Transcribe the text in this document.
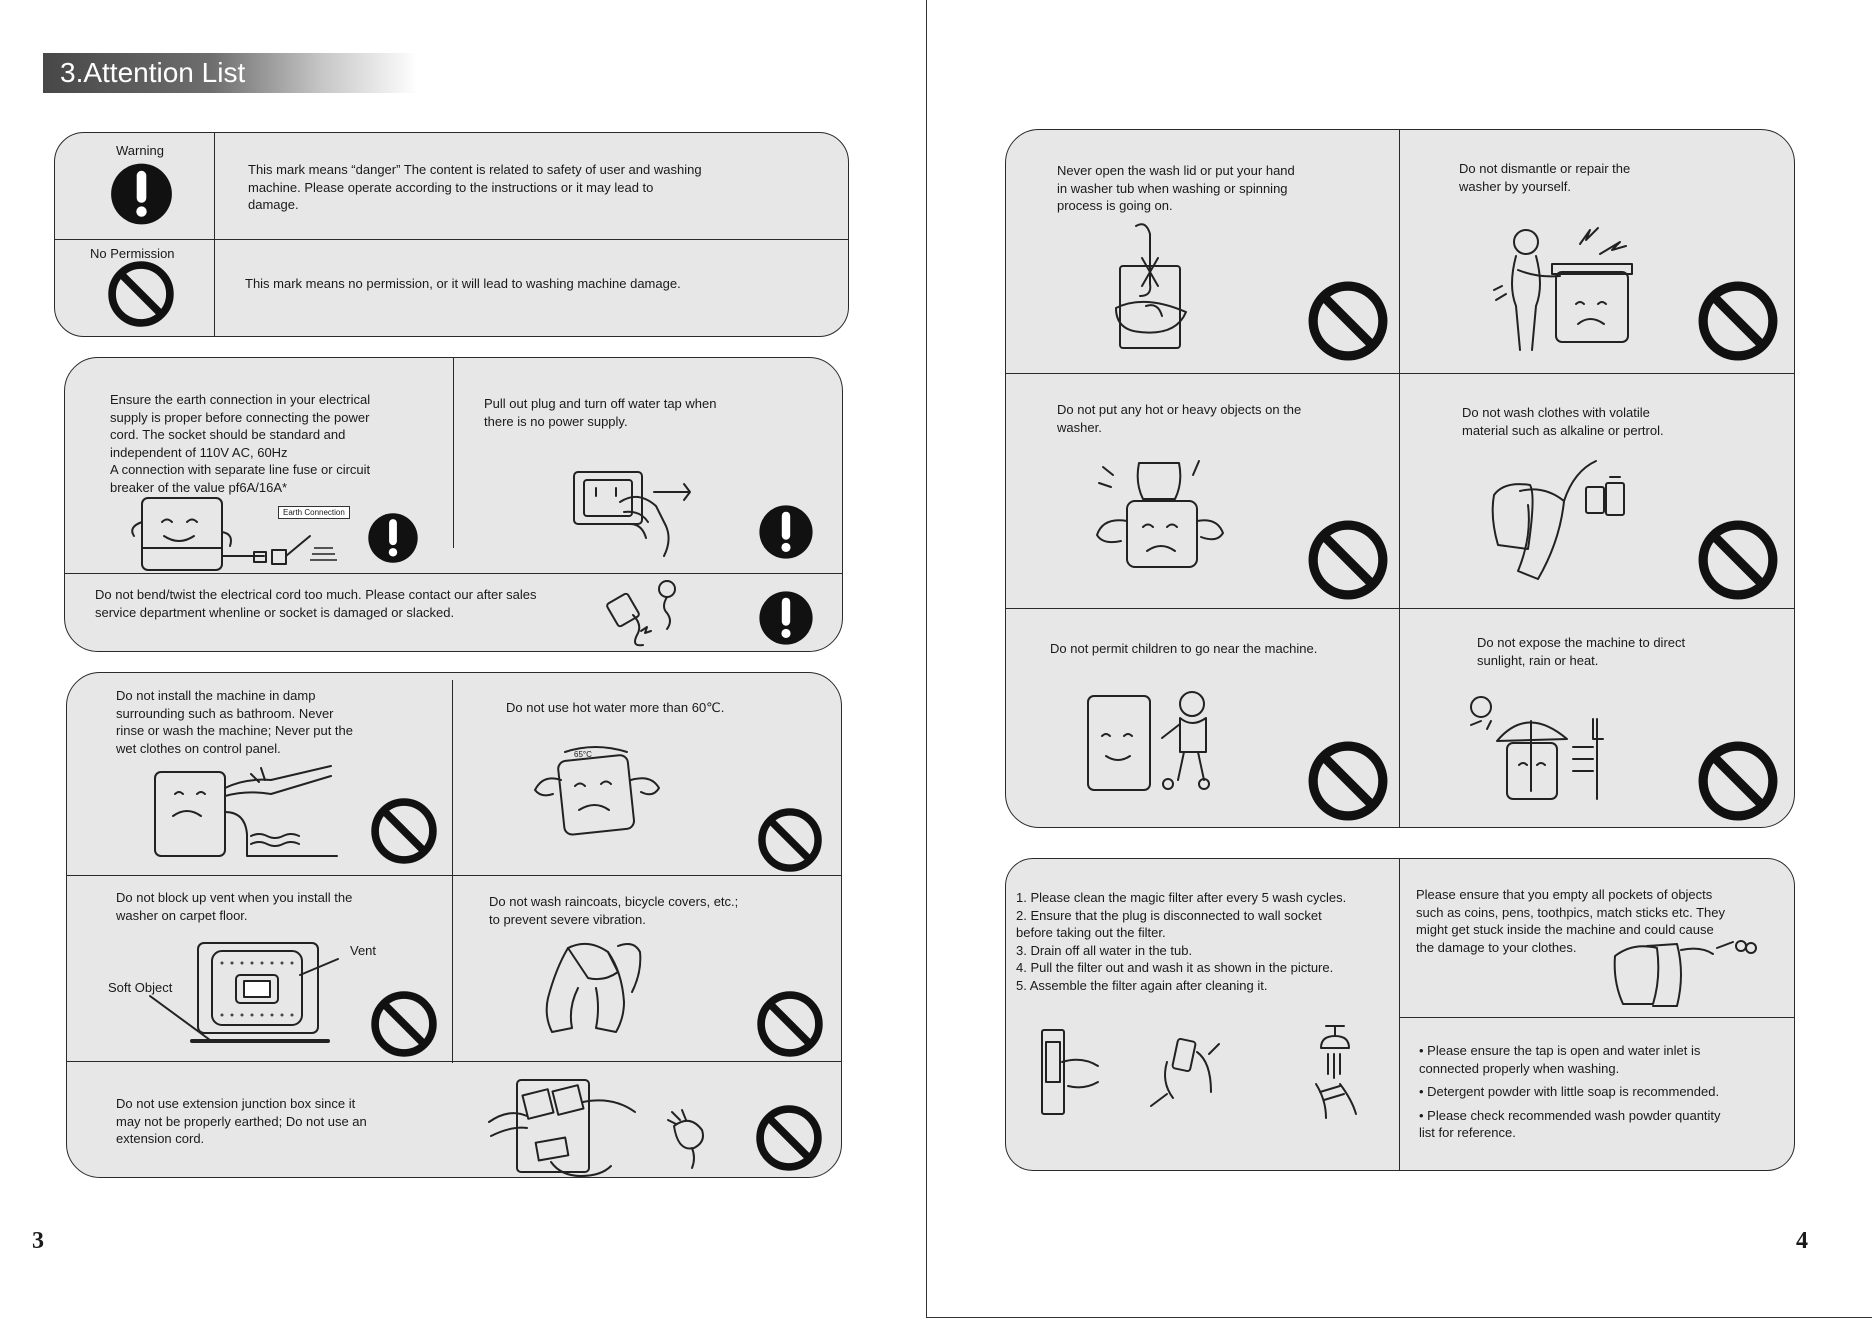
3.Attention List
Warning
This mark means “danger” The content is related to safety of user and washing
machine. Please operate according to the instructions or it may lead to
damage.
No Permission
This mark means no permission, or it will lead to washing machine damage.
Ensure the earth connection in your electrical
supply is proper before connecting the power
cord. The socket should be standard and
independent of 110V AC, 60Hz
A connection with separate line fuse or circuit
breaker of the value pf6A/16A*
Earth Connection
Pull out plug and turn off water tap when
there is no power supply.
Do not bend/twist the electrical cord too much. Please contact our after sales
service department whenline or socket is damaged or slacked.
Do not install the machine in damp
surrounding such as bathroom. Never
rinse or wash the machine; Never put the
wet clothes on control panel.
Do not use hot water more than 60℃.
65°C
Do not block up vent when you install the
washer on carpet floor.
Vent
Soft Object
Do not wash raincoats, bicycle covers, etc.;
to prevent severe vibration.
Do not use extension junction box since it
may not be properly earthed; Do not use an
extension cord.
3
Never open the wash lid or put your hand
in washer tub when washing or spinning
process is going on.
Do not dismantle or repair the
washer by yourself.
Do not put any hot or heavy objects on the
washer.
Do not wash clothes with volatile
material such as alkaline or pertrol.
Do not permit children to go near the machine.	Do not expose the machine to direct
sunlight, rain or heat.
1. Please clean the magic filter after every 5 wash cycles.
2. Ensure that the plug is disconnected to wall socket
before taking out the filter.
3. Drain off all water in the tub.
4. Pull the filter out and wash it as shown in the picture.
5. Assemble the filter again after cleaning it.
Please ensure that you empty all pockets of objects
such as coins, pens, toothpics, match sticks etc. They
might get stuck inside the machine and could cause
the damage to your clothes.
• Please ensure the tap is open and water inlet is
connected properly when washing.
• Detergent powder with little soap is recommended.
• Please check recommended wash powder quantity
list for reference.
4
